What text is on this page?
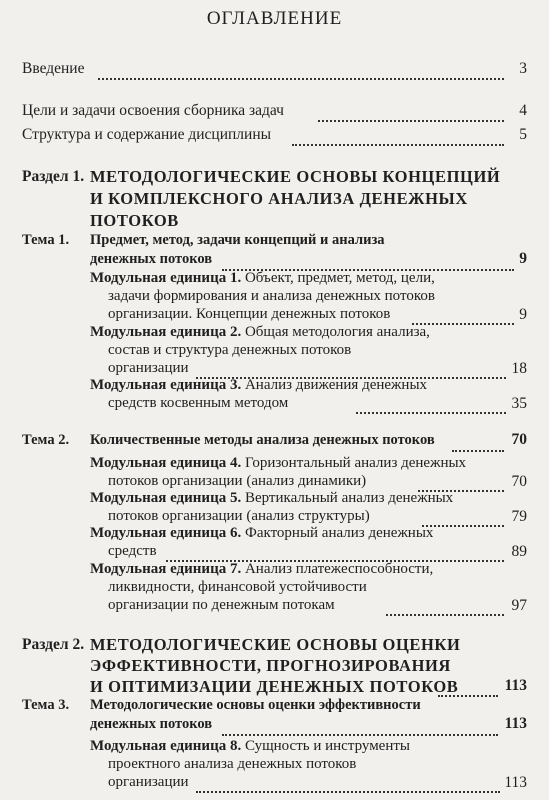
ОГЛАВЛЕНИЕ
Введение	3
Цели и задачи освоения сборника задач	4
Структура и содержание дисциплины	5
Раздел 1. МЕТОДОЛОГИЧЕСКИЕ ОСНОВЫ КОНЦЕПЦИЙ
И КОМПЛЕКСНОГО АНАЛИЗА ДЕНЕЖНЫХ
ПОТОКОВ
Тема 1. Предмет, метод, задачи концепций и анализа
денежных потоков	9
Модульная единица 1. Объект, предмет, метод, цели,
задачи формирования и анализа денежных потоков
организации. Концепции денежных потоков	9
Модульная единица 2. Общая методология анализа,
состав и структура денежных потоков
организации	18
Модульная единица 3. Анализ движения денежных
средств косвенным методом	35
Тема 2. Количественные методы анализа денежных потоков	70
Модульная единица 4. Горизонтальный анализ денежных
потоков организации (анализ динамики)	70
Модульная единица 5. Вертикальный анализ денежных
потоков организации (анализ структуры)	79
Модульная единица 6. Факторный анализ денежных
средств	89
Модульная единица 7. Анализ платежеспособности,
ликвидности, финансовой устойчивости
организации по денежным потокам	97
Раздел 2. МЕТОДОЛОГИЧЕСКИЕ ОСНОВЫ ОЦЕНКИ
ЭФФЕКТИВНОСТИ, ПРОГНОЗИРОВАНИЯ
И ОПТИМИЗАЦИИ ДЕНЕЖНЫХ ПОТОКОВ	113
Тема 3. Методологические основы оценки эффективности
денежных потоков	113
Модульная единица 8. Сущность и инструменты
проектного анализа денежных потоков
организации	113
